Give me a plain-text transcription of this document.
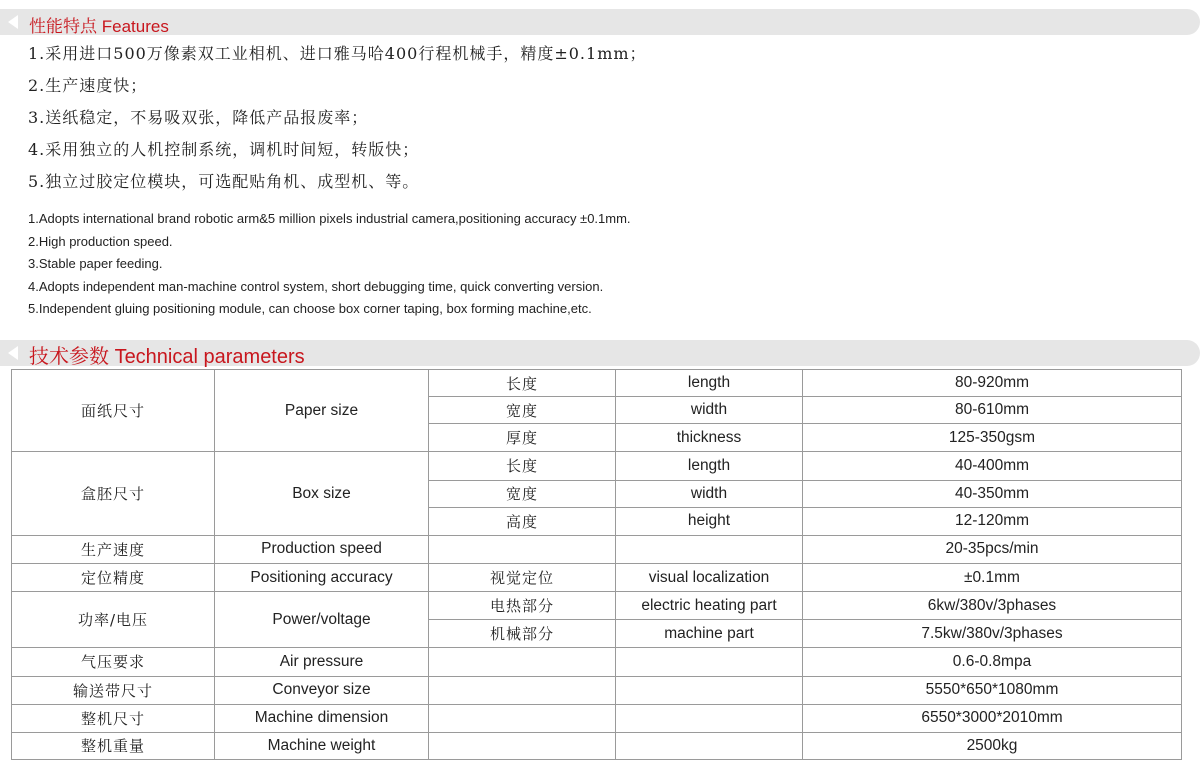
性能特点 Features
1.采用进口500万像素双工业相机、进口雅马哈400行程机械手，精度±0.1mm；
2.生产速度快；
3.送纸稳定，不易吸双张，降低产品报废率；
4.采用独立的人机控制系统，调机时间短，转版快；
5.独立过胶定位模块，可选配贴角机、成型机、等。
1.Adopts international brand robotic arm&5 million pixels industrial camera,positioning accuracy ±0.1mm.
2.High production speed.
3.Stable paper feeding.
4.Adopts independent man-machine control system, short debugging time, quick converting version.
5.Independent gluing positioning module, can choose box corner taping, box forming machine,etc.
技术参数 Technical parameters
面纸尺寸	Paper size	长度	length	80-920mm
		宽度	width	80-610mm
		厚度	thickness	125-350gsm
盒胚尺寸	Box size	长度	length	40-400mm
		宽度	width	40-350mm
		高度	height	12-120mm
生产速度	Production speed			20-35pcs/min
定位精度	Positioning accuracy	视觉定位	visual localization	±0.1mm
功率/电压	Power/voltage	电热部分	electric heating part	6kw/380v/3phases
		机械部分	machine part	7.5kw/380v/3phases
气压要求	Air pressure			0.6-0.8mpa
输送带尺寸	Conveyor size			5550*650*1080mm
整机尺寸	Machine dimension			6550*3000*2010mm
整机重量	Machine weight			2500kg
